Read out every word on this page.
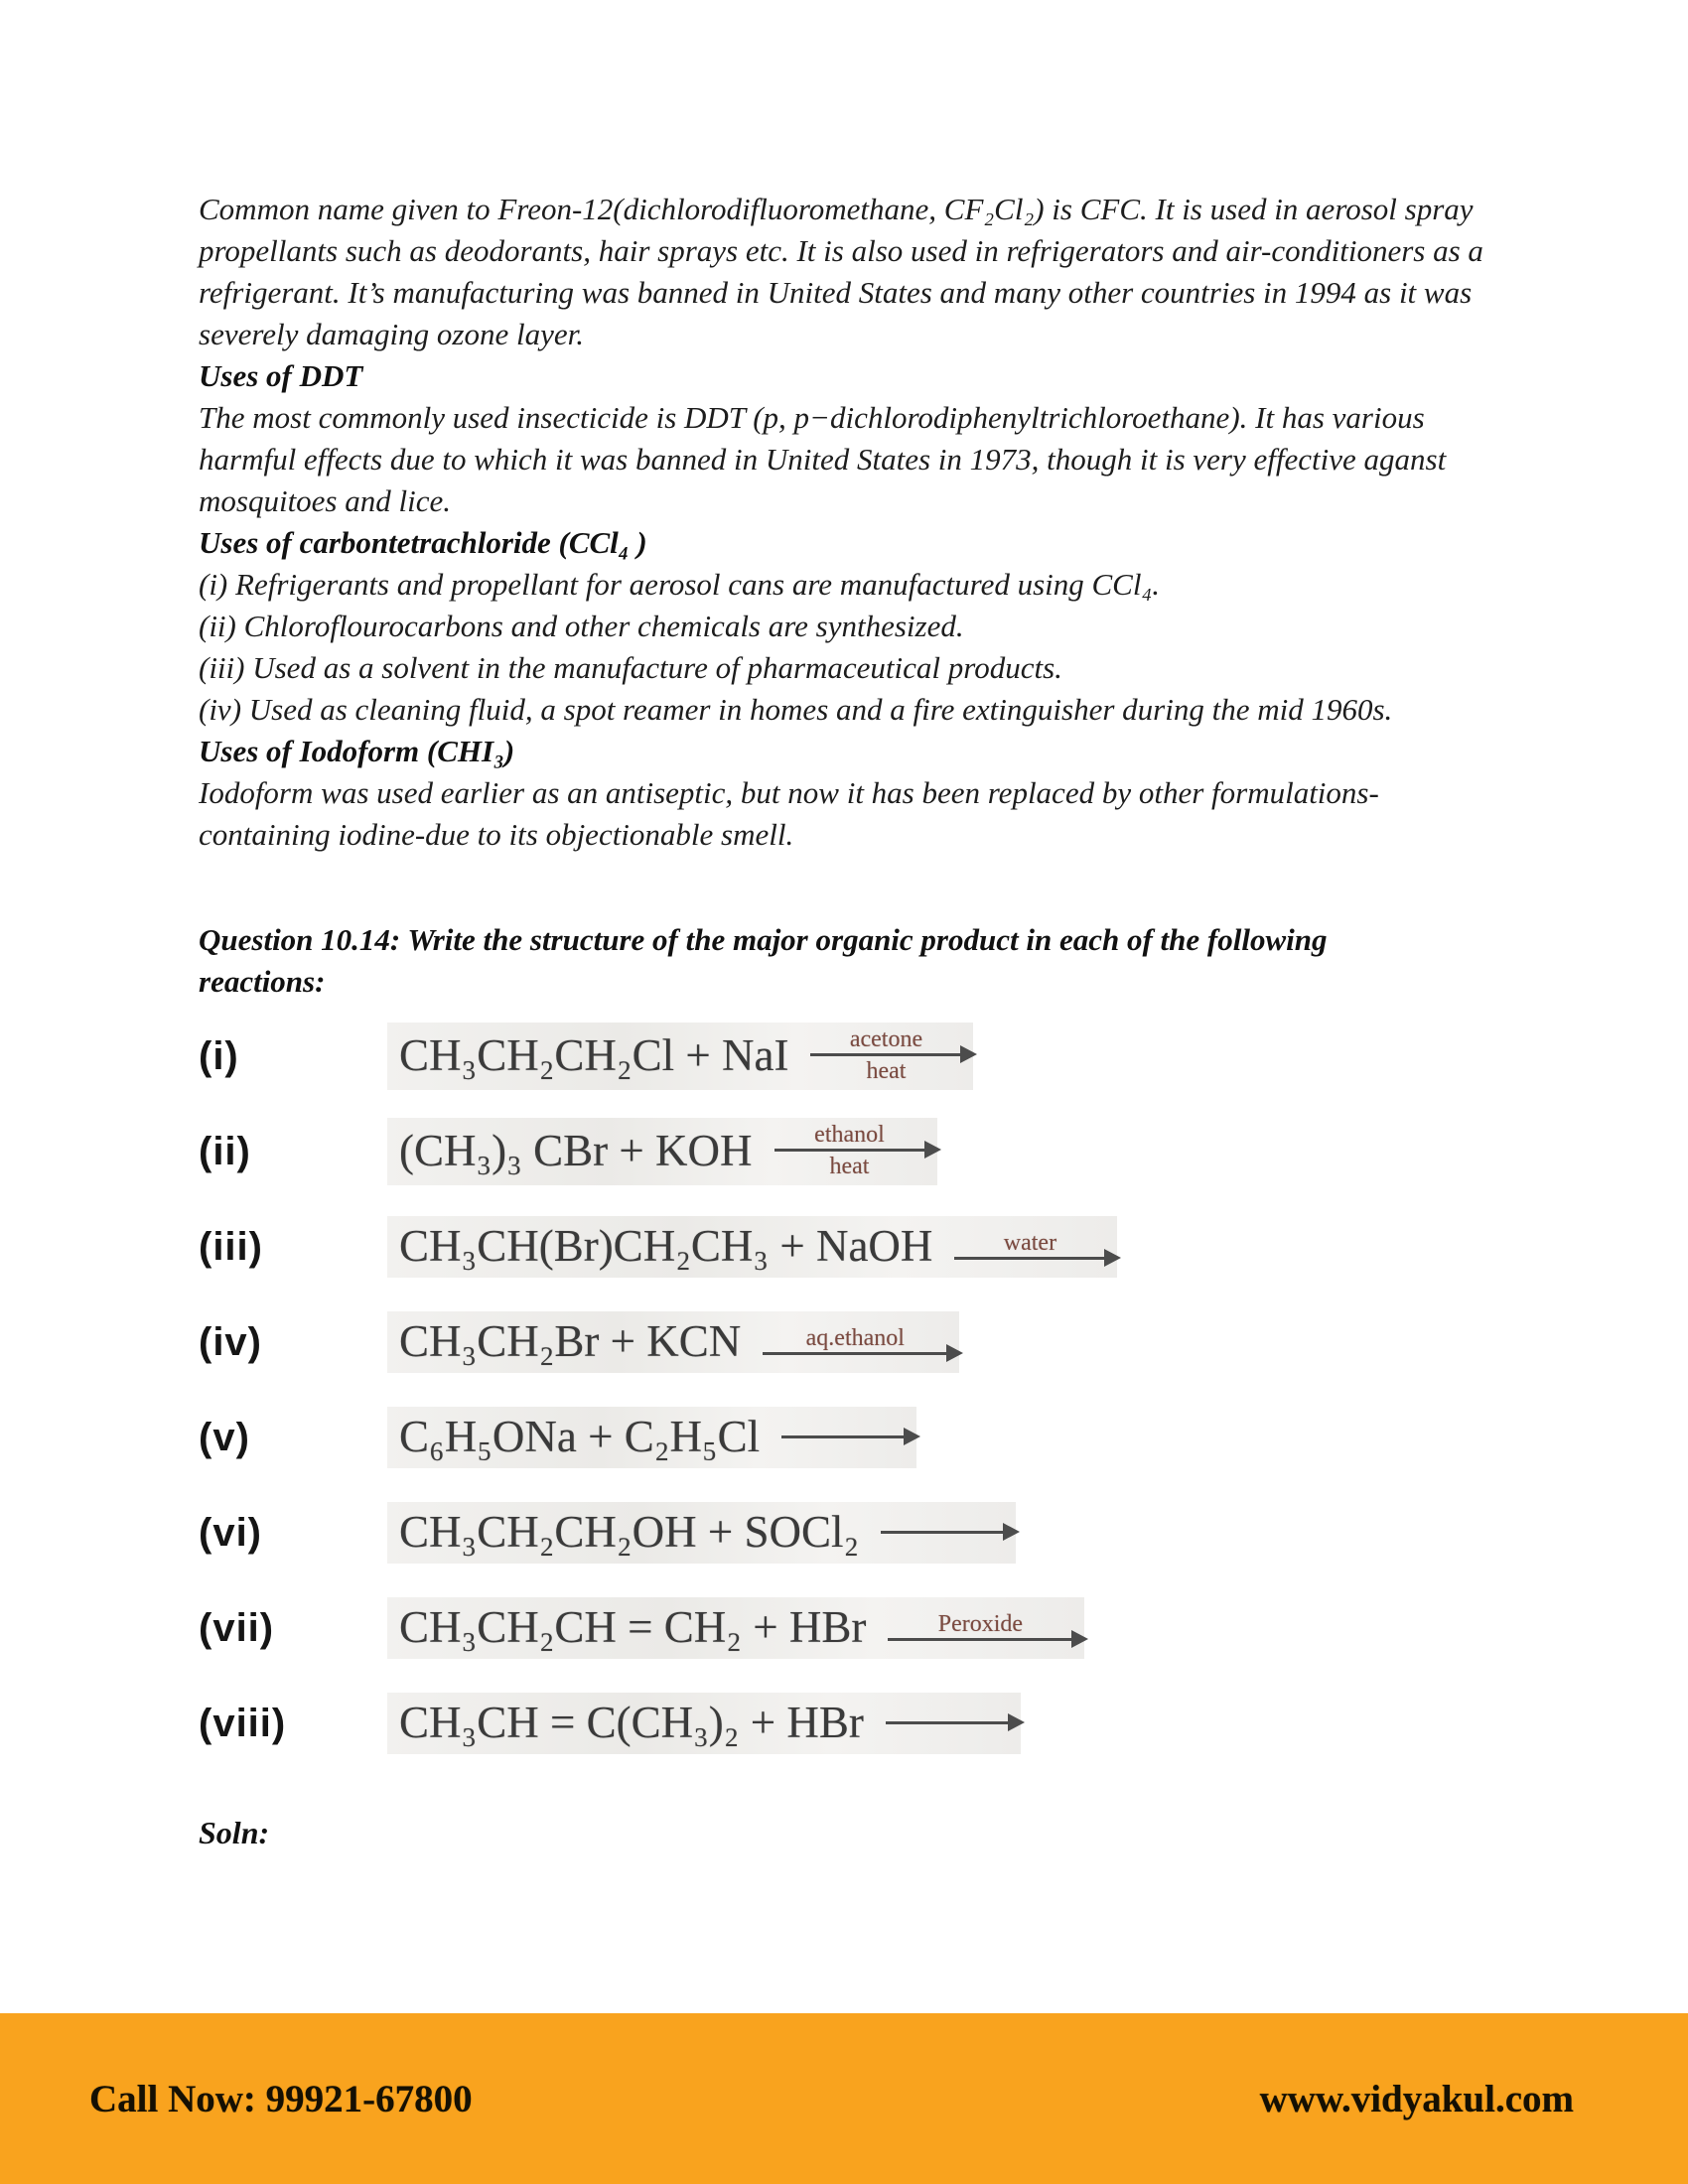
Common name given to Freon-12(dichlorodifluoromethane, CF₂Cl₂) is CFC. It is used in aerosol spray propellants such as deodorants, hair sprays etc. It is also used in refrigerators and air-conditioners as a refrigerant. It’s manufacturing was banned in United States and many other countries in 1994 as it was severely damaging ozone layer.

Uses of DDT

The most commonly used insecticide is DDT (p, p−dichlorodiphenyltrichloroethane). It has various harmful effects due to which it was banned in United States in 1973, though it is very effective aganst mosquitoes and lice.

Uses of carbontetrachloride (CCl₄ )

(i) Refrigerants and propellant for aerosol cans are manufactured using CCl₄.

(ii) Chloroflourocarbons and other chemicals are synthesized.

(iii) Used as a solvent in the manufacture of pharmaceutical products.

(iv) Used as cleaning fluid, a spot reamer in homes and a fire extinguisher during the mid 1960s.

Uses of Iodoform (CHI₃)

Iodoform was used earlier as an antiseptic, but now it has been replaced by other formulations-containing iodine-due to its objectionable smell.

Question 10.14: Write the structure of the major organic product in each of the following reactions:
(i)	CH₃CH₂CH₂Cl + NaI	acetone
heat
(ii)	(CH₃)₃ CBr + KOH	ethanol
heat
(iii)	CH₃CH(Br)CH₂CH₃ + NaOH	water
(iv)	CH₃CH₂Br + KCN	aq.ethanol
(v)	C₆H₅ONa + C₂H₅Cl →
(vi)	CH₃CH₂CH₂OH + SOCl₂ →
(vii)	CH₃CH₂CH = CH₂ + HBr	Peroxide
(viii)	CH₃CH = C(CH₃)₂ + HBr →
Soln:
Call Now: 99921-67800	www.vidyakul.com
